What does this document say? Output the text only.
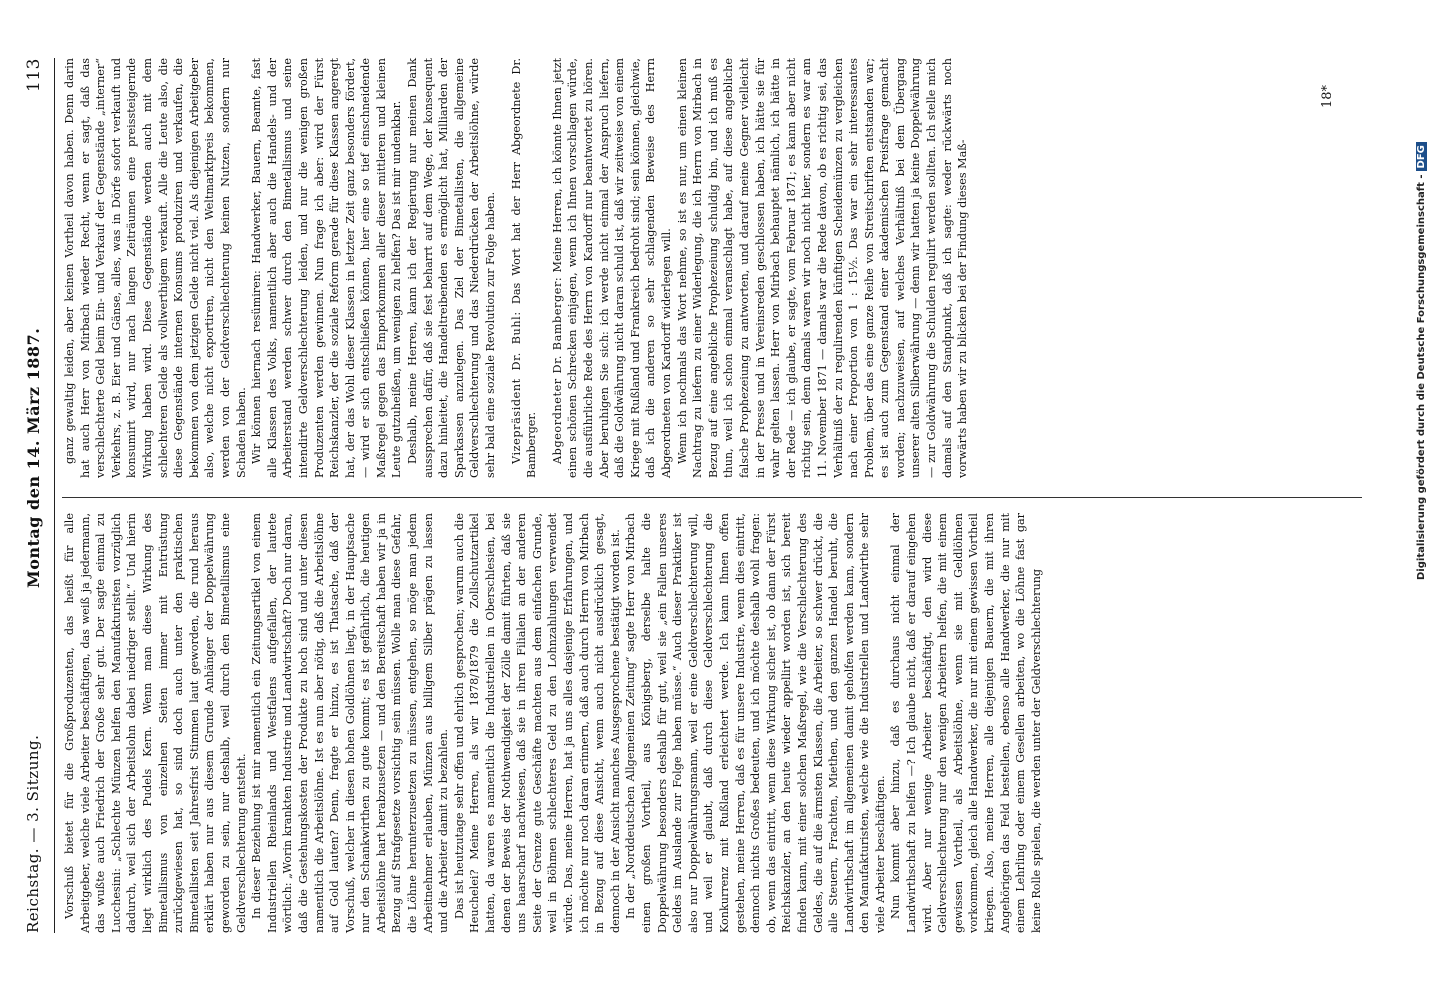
Reichstag. — 3. Sitzung.
Montag den 14. März 1887.
113

Vorschuß bietet für die Großproduzenten, das heißt für alle Arbeitgeber, welche viele Arbeiter beschäftigen, das weiß ja jedermann, das wußte auch Friedrich der Große sehr gut. Der sagte einmal zu Lucchesini: „Schlechte Münzen helfen den Manufakturisten vorzüglich dadurch, weil sich der Arbeitslohn dabei niedriger stellt.“ Und hierin liegt wirklich des Pudels Kern. Wenn man diese Wirkung des Bimetallismus von einzelnen Seiten immer mit Entrüstung zurückgewiesen hat, so sind doch auch unter den praktischen Bimetallisten seit Jahresfrist Stimmen laut geworden, die rund heraus erklärt haben nur aus diesem Grunde Anhänger der Doppelwährung geworden zu sein, nur deshalb, weil durch den Bimetallismus eine Geldverschlechterung entsteht. In dieser Beziehung ist mir namentlich ein Zeitungsartikel von einem Industriellen Rheinlands und Westfalens aufgefallen, der lautete wörtlich: „Worin krankten Industrie und Landwirtschaft? Doch nur daran, daß die Gestehungskosten der Produkte zu hoch sind und unter diesen namentlich die Arbeitslöhne. Ist es nun aber nötig, daß die Arbeitslöhne auf Gold lauten? Denn, fragte er hinzu, es ist Thatsache, daß der Vorschuß, welcher in diesen hohen Goldlöhnen liegt, in der Hauptsache nur den Schankwirthen zu gute kommt; es ist gefährlich, die heutigen Arbeitslöhne hart herabzusetzen — und den Bereitschaft haben wir ja in Bezug auf Strafgesetze vorsichtig sein müssen. Wolle man diese Gefahr, die Löhne herunterzusetzen zu müssen, entgehen, so möge man jedem Arbeitnehmer erlauben, Münzen aus billigem Silber prägen zu lassen und die Arbeiter damit zu bezahlen. Das ist heutzutage sehr offen und ehrlich gesprochen; warum auch die Heuchelei? Meine Herren, als wir 1878/1879 die Zollschutzartikel hatten, da waren es namentlich die Industriellen in Oberschlesien, bei denen der Beweis der Nothwendigkeit der Zölle damit führten, daß sie uns haarscharf nachwiesen, daß sie in ihren Filialen an der anderen Seite der Grenze gute Geschäfte machten aus dem einfachen Grunde, weil in Böhmen schlechteres Geld zu den Lohnzahlungen verwendet würde. Das, meine Herren, hat ja uns alles dasjenige Erfahrungen, und ich möchte nur noch daran erinnern, daß auch durch Herrn von Mirbach in Bezug auf diese Ansicht, wenn auch nicht ausdrücklich gesagt, dennoch in der Ansicht manches Ausgesprochene bestätigt worden ist. In der „Norddeutschen Allgemeinen Zeitung“ sagte Herr von Mirbach einen großen Vortheil, aus Königsberg, derselbe halte die Doppelwährung besonders deshalb für gut, weil sie „ein Fallen unseres Geldes im Auslande zur Folge haben müsse.“ Auch dieser Praktiker ist also nur Doppelwährungsmann, weil er eine Geldverschlechterung will, und weil er glaubt, daß durch diese Geldverschlechterung die Konkurrenz mit Rußland erleichtert werde. Ich kann Ihnen offen gestehen, meine Herren, daß es für unsere Industrie, wenn dies eintritt, dennoch nichts Großes bedeuten, und ich möchte deshalb wohl fragen: ob, wenn das eintritt, wenn diese Wirkung sicher ist, ob dann der Fürst Reichskanzler, an den heute wieder appellirt worden ist, sich bereit finden kann, mit einer solchen Maßregel, wie die Verschlechterung des Geldes, die auf die ärmsten Klassen, die Arbeiter, so schwer drückt, die alle Steuern, Frachten, Miethen, und den ganzen Handel beruht, die Landwirthschaft im allgemeinen damit geholfen werden kann, sondern den Manufakturisten, welche wie die Industriellen und Landwirthe sehr viele Arbeiter beschäftigen. Nun kommt aber hinzu, daß es durchaus nicht einmal der Landwirthschaft zu helfen —? Ich glaube nicht, daß er darauf eingehen wird. Aber nur wenige Arbeiter beschäftigt, den wird diese Geldverschlechterung nur den wenigen Arbeitern helfen, die mit einem gewissen Vortheil, als Arbeitslöhne, wenn sie mit Geldlöhnen vorkommen, gleich alle Handwerker, die nur mit einem gewissen Vortheil kriegen. Also, meine Herren, alle diejenigen Bauern, die mit ihren Angehörigen das Feld bestellen, ebenso alle Handwerker, die nur mit einem Lehrling oder einem Gesellen arbeiten, wo die Löhne fast gar keine Rolle spielen, die werden unter der Geldverschlechterung

ganz gewaltig leiden, aber keinen Vortheil davon haben. Denn darin hat auch Herr von Mirbach wieder Recht, wenn er sagt, daß das verschlechterte Geld beim Ein- und Verkauf der Gegenstände „interner“ Verkehrs, z. B. Eier und Gänse, alles, was in Dörfe sofort verkauft und konsumirt wird, nur nach langen Zeiträumen eine preissteigernde Wirkung haben wird. Diese Gegenstände werden auch mit dem schlechteren Gelde als vollwerthigem verkauft. Alle die Leute also, die diese Gegenstände internen Konsums produziren und verkaufen, die bekommen von dem jetzigen Gelde nicht viel. Als diejenigen Arbeitgeber also, welche nicht exportiren, nicht den Weltmarktpreis bekommen, werden von der Geldverschlechterung keinen Nutzen, sondern nur Schaden haben. Wir können hiernach resümiren: Handwerker, Bauern, Beamte, fast alle Klassen des Volks, namentlich aber auch die Handels- und der Arbeiterstand werden schwer durch den Bimetallismus und seine intendirte Geldverschlechterung leiden, und nur die wenigen großen Produzenten werden gewinnen. Nun frage ich aber: wird der Fürst Reichskanzler, der die soziale Reform gerade für diese Klassen angeregt hat, der das Wohl dieser Klassen in letzter Zeit ganz besonders fördert, — wird er sich entschließen können, hier eine so tief einschneidende Maßregel gegen das Emporkommen aller dieser mittleren und kleinen Leute gutzuheißen, um wenigen zu helfen? Das ist mir undenkbar. Deshalb, meine Herren, kann ich der Regierung nur meinen Dank aussprechen dafür, daß sie fest beharrt auf dem Wege, der konsequent dazu hinleitet, die Handeltreibenden es ermöglicht hat, Milliarden der Sparkassen anzulegen. Das Ziel der Bimetallisten, die allgemeine Geldverschlechterung und das Niederdrücken der Arbeitslöhne, würde sehr bald eine soziale Revolution zur Folge haben. Vizepräsident Dr. Buhl: Das Wort hat der Herr Abgeordnete Dr. Bamberger. Abgeordneter Dr. Bamberger: Meine Herren, ich könnte Ihnen jetzt einen schönen Schrecken einjagen, wenn ich Ihnen vorschlagen würde, die ausführliche Rede des Herrn von Kardorff nur beantwortet zu hören. Aber beruhigen Sie sich: ich werde nicht einmal der Anspruch liefern, daß die Goldwährung nicht daran schuld ist, daß wir zeitweise von einem Kriege mit Rußland und Frankreich bedroht sind; sein können, gleichwie, daß ich die anderen so sehr schlagenden Beweise des Herrn Abgeordneten von Kardorff widerlegen will. Wenn ich nochmals das Wort nehme, so ist es nur, um einen kleinen Nachtrag zu liefern zu einer Widerlegung, die ich Herrn von Mirbach in Bezug auf eine angebliche Prophezeiung schuldig bin, und ich muß es thun, weil ich schon einmal veranschlagt habe, auf diese angebliche falsche Prophezeiung zu antworten, und darauf meine Gegner vielleicht in der Presse und in Vereinsreden geschlossen haben, ich hätte sie für wahr gelten lassen. Herr von Mirbach behauptet nämlich, ich hätte in der Rede — ich glaube, er sagte, vom Februar 1871; es kann aber nicht richtig sein, denn damals waren wir noch nicht hier, sondern es war am 11. November 1871 — damals war die Rede davon, ob es richtig sei, das Verhältniß der zu regulirenden künftigen Scheidemünzen zu vergleichen nach einer Proportion von 1 : 15½. Das war ein sehr interessantes Problem, über das eine ganze Reihe von Streitschriften entstanden war; es ist auch zum Gegenstand einer akademischen Preisfrage gemacht worden; nachzuweisen, auf welches Verhältniß bei dem Übergang unserer alten Silberwährung — denn wir hatten ja keine Doppelwährung — zur Goldwährung die Schulden regulirt werden sollten. Ich stelle mich damals auf den Standpunkt, daß ich sagte: weder rückwärts noch vorwärts haben wir zu blicken bei der Findung dieses Maß-

18*
Digitalisierung gefördert durch die Deutsche Forschungsgemeinschaft -DFG
